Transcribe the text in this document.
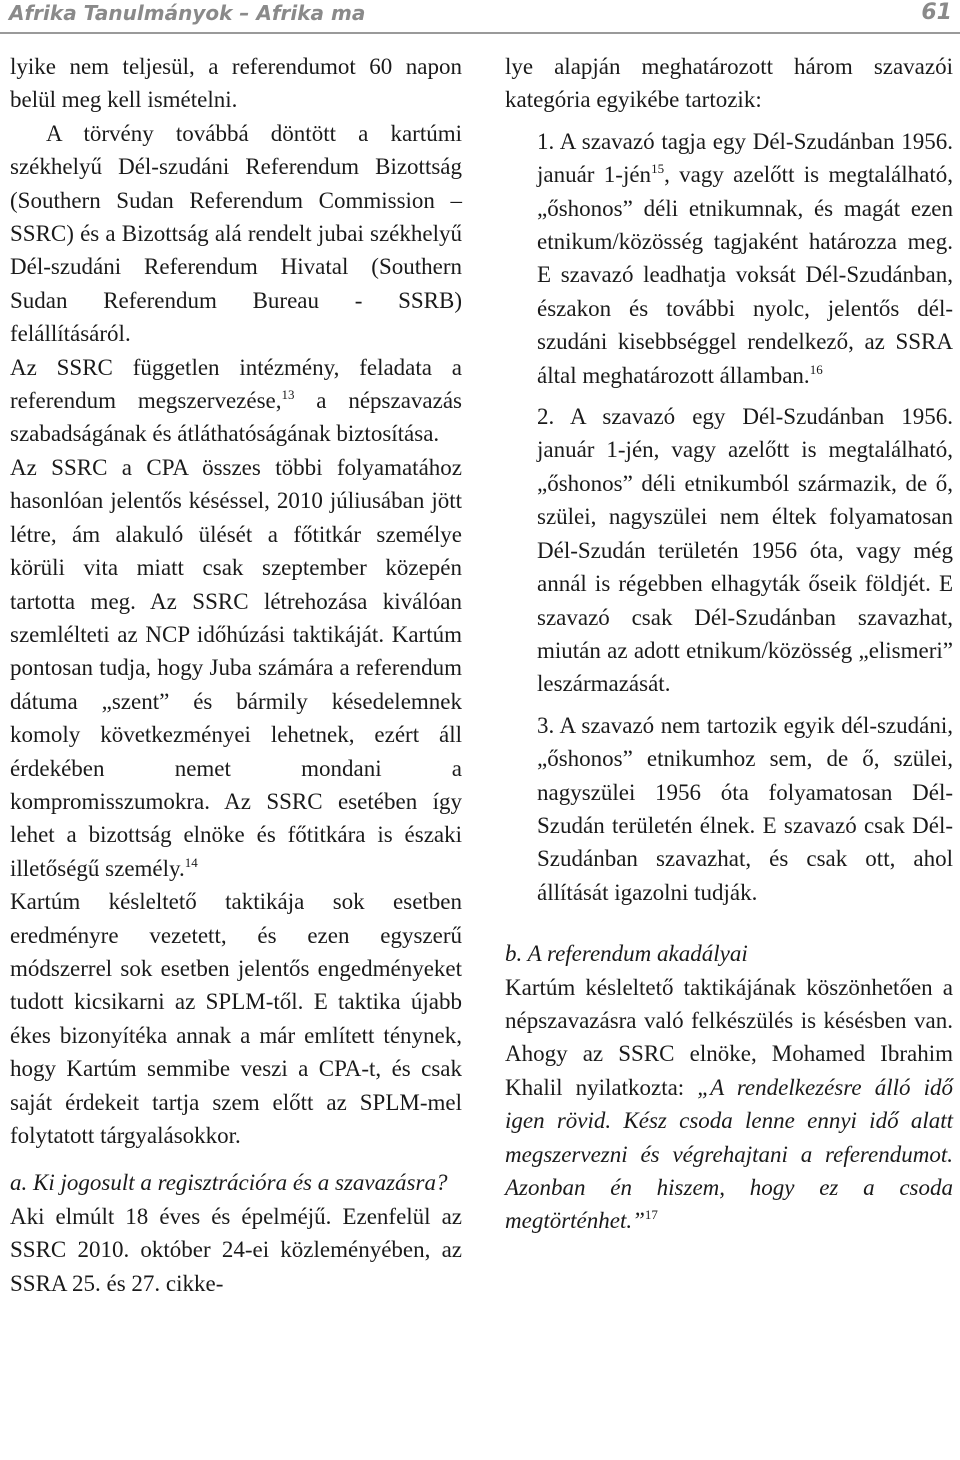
Afrika Tanulmányok – Afrika ma	61

lyike nem teljesül, a referendumot 60 napon belül meg kell ismételni.

A törvény továbbá döntött a kartúmi székhelyű Dél-szudáni Referendum Bizottság (Southern Sudan Referendum Commission – SSRC) és a Bizottság alá rendelt jubai székhelyű Dél-szudáni Referendum Hivatal (Southern Sudan Referendum Bureau - SSRB) felállításáról.

Az SSRC független intézmény, feladata a referendum megszervezése,$^{13}$ a népszavazás szabadságának és átláthatóságának biztosítása.

Az SSRC a CPA összes többi folyamatához hasonlóan jelentős késéssel, 2010 júliusában jött létre, ám alakuló ülését a főtitkár személye körüli vita miatt csak szeptember közepén tartotta meg. Az SSRC létrehozása kiválóan szemlélteti az NCP időhúzási taktikáját. Kartúm pontosan tudja, hogy Juba számára a referendum dátuma „szent” és bármily késedelemnek komoly következményei lehetnek, ezért áll érdekében nemet mondani a kompromisszumokra. Az SSRC esetében így lehet a bizottság elnöke és főtitkára is északi illetőségű személy.$^{14}$

Kartúm késleltető taktikája sok esetben eredményre vezetett, és ezen egyszerű módszerrel sok esetben jelentős engedményeket tudott kicsikarni az SPLM-től. E taktika újabb ékes bizonyítéka annak a már említett ténynek, hogy Kartúm semmibe veszi a CPA-t, és csak saját érdekeit tartja szem előtt az SPLM-mel folytatott tárgyalásokkor.

a. Ki jogosult a regisztrációra és a szavazásra?

Aki elmúlt 18 éves és épelméjű. Ezenfelül az SSRC 2010. október 24-ei közleményében, az SSRA 25. és 27. cikke-

lye alapján meghatározott három szavazói kategória egyikébe tartozik:

1. A szavazó tagja egy Dél-Szudánban 1956. január 1-jén$^{15}$, vagy azelőtt is megtalálható, „őshonos” déli etnikumnak, és magát ezen etnikum/közösség tagjaként határozza meg. E szavazó leadhatja voksát Dél-Szudánban, északon és további nyolc, jelentős dél-szudáni kisebbséggel rendelkező, az SSRA által meghatározott államban.$^{16}$

2. A szavazó egy Dél-Szudánban 1956. január 1-jén, vagy azelőtt is megtalálható, „őshonos” déli etnikumból származik, de ő, szülei, nagyszülei nem éltek folyamatosan Dél-Szudán területén 1956 óta, vagy még annál is régebben elhagyták őseik földjét. E szavazó csak Dél-Szudánban szavazhat, miután az adott etnikum/közösség „elismeri” leszármazását.

3. A szavazó nem tartozik egyik dél-szudáni, „őshonos” etnikumhoz sem, de ő, szülei, nagyszülei 1956 óta folyamatosan Dél-Szudán területén élnek. E szavazó csak Dél-Szudánban szavazhat, és csak ott, ahol állítását igazolni tudják.

b. A referendum akadályai

Kartúm késleltető taktikájának köszönhetően a népszavazásra való felkészülés is késésben van. Ahogy az SSRC elnöke, Mohamed Ibrahim Khalil nyilatkozta: „A rendelkezésre álló idő igen rövid. Kész csoda lenne ennyi idő alatt megszervezni és végrehajtani a referendumot. Azonban én hiszem, hogy ez a csoda megtörténhet.”$^{17}$
